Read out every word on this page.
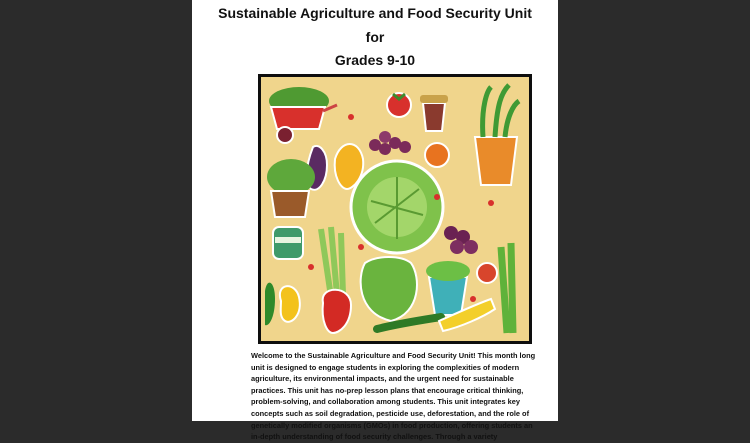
Sustainable Agriculture and Food Security Unit
for
Grades 9-10

Welcome to the Sustainable Agriculture and Food Security Unit! This month long unit is designed to engage students in exploring the complexities of modern agriculture, its environmental impacts, and the urgent need for sustainable practices. This unit has no-prep lesson plans that encourage critical thinking, problem-solving, and collaboration among students. This unit integrates key concepts such as soil degradation, pesticide use, deforestation, and the role of genetically modified organisms (GMOs) in food production, offering students an in-depth understanding of food security challenges. Through a variety
